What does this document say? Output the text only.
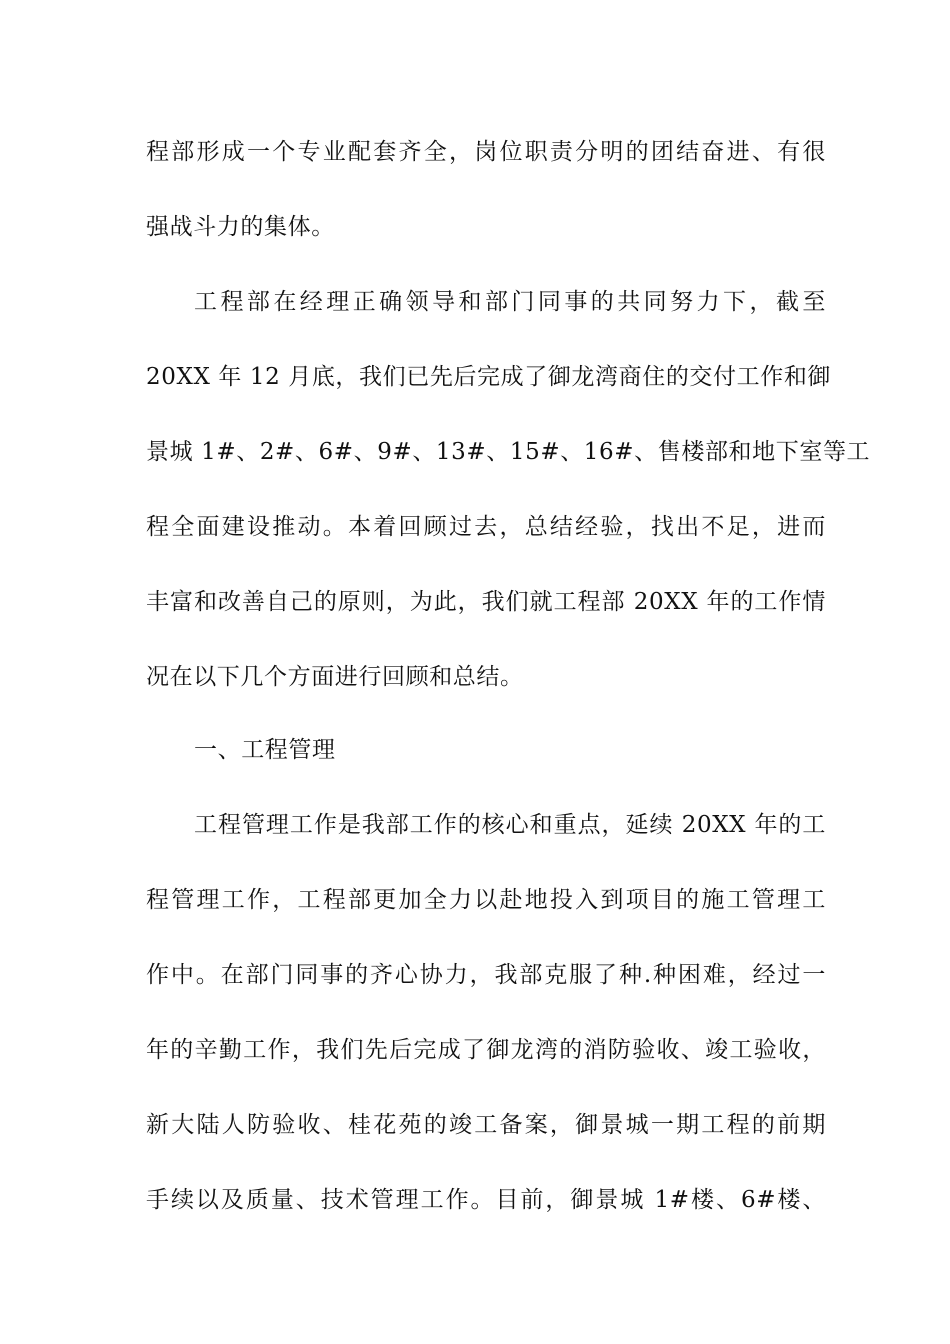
程部形成一个专业配套齐全，岗位职责分明的团结奋进、有很
强战斗力的集体。
工程部在经理正确领导和部门同事的共同努力下，截至
20XX 年 12 月底，我们已先后完成了御龙湾商住的交付工作和御
景城 1#、2#、6#、9#、13#、15#、16#、售楼部和地下室等工
程全面建设推动。本着回顾过去，总结经验，找出不足，进而
丰富和改善自己的原则，为此，我们就工程部 20XX 年的工作情
况在以下几个方面进行回顾和总结。
一、工程管理
工程管理工作是我部工作的核心和重点，延续 20XX 年的工
程管理工作，工程部更加全力以赴地投入到项目的施工管理工
作中。在部门同事的齐心协力，我部克服了种.种困难，经过一
年的辛勤工作，我们先后完成了御龙湾的消防验收、竣工验收，
新大陆人防验收、桂花苑的竣工备案，御景城一期工程的前期
手续以及质量、技术管理工作。目前，御景城 1#楼、6#楼、
